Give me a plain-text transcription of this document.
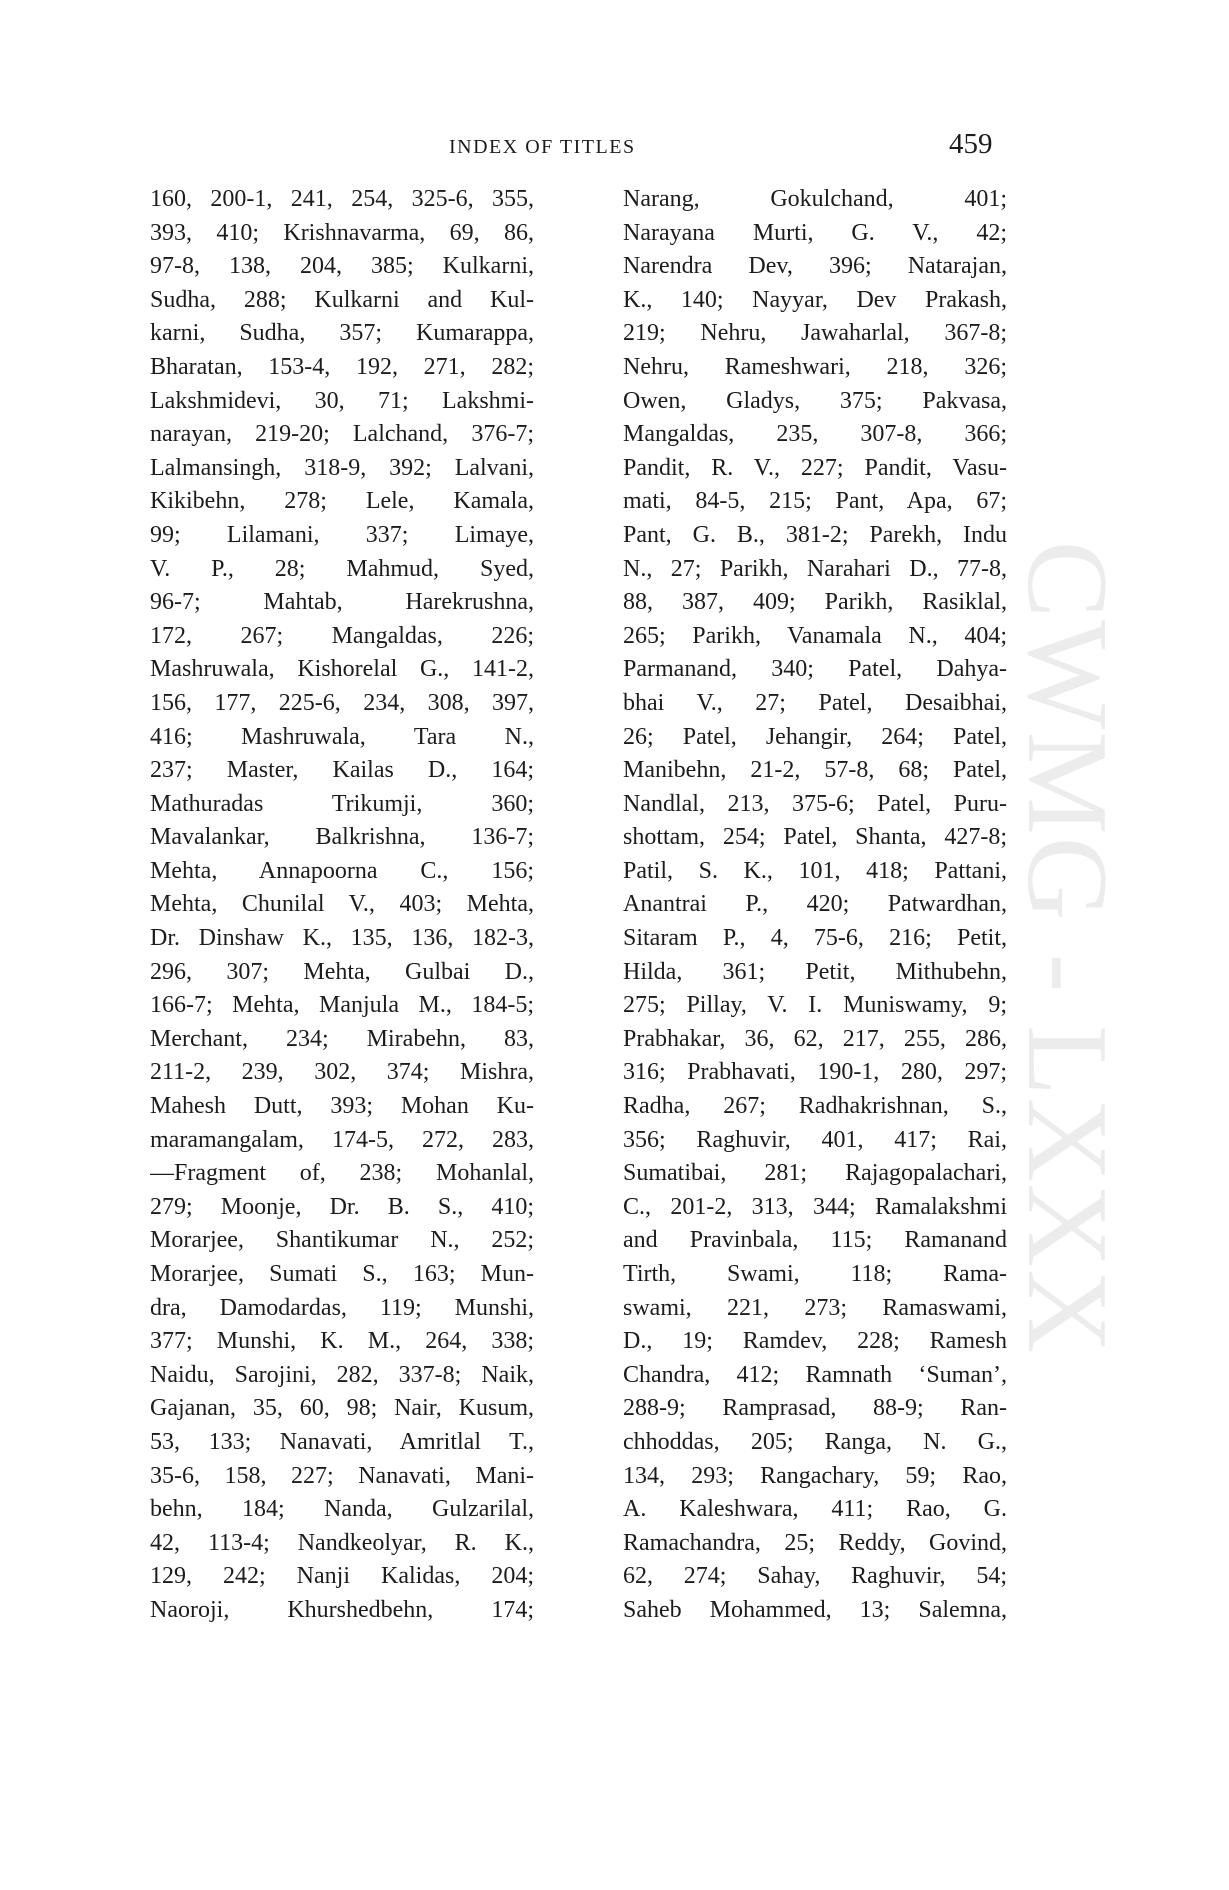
INDEX OF TITLES	459
CWMG - LXXX
160, 200-1, 241, 254, 325-6, 355,
393, 410; Krishnavarma, 69, 86,
97-8, 138, 204, 385; Kulkarni,
Sudha, 288; Kulkarni and Kul-
karni, Sudha, 357; Kumarappa,
Bharatan, 153-4, 192, 271, 282;
Lakshmidevi, 30, 71; Lakshmi-
narayan, 219-20; Lalchand, 376-7;
Lalmansingh, 318-9, 392; Lalvani,
Kikibehn, 278; Lele, Kamala,
99; Lilamani, 337; Limaye,
V. P., 28; Mahmud, Syed,
96-7; Mahtab, Harekrushna,
172, 267; Mangaldas, 226;
Mashruwala, Kishorelal G., 141-2,
156, 177, 225-6, 234, 308, 397,
416; Mashruwala, Tara N.,
237; Master, Kailas D., 164;
Mathuradas Trikumji, 360;
Mavalankar, Balkrishna, 136-7;
Mehta, Annapoorna C., 156;
Mehta, Chunilal V., 403; Mehta,
Dr. Dinshaw K., 135, 136, 182-3,
296, 307; Mehta, Gulbai D.,
166-7; Mehta, Manjula M., 184-5;
Merchant, 234; Mirabehn, 83,
211-2, 239, 302, 374; Mishra,
Mahesh Dutt, 393; Mohan Ku-
maramangalam, 174-5, 272, 283,
—Fragment of, 238; Mohanlal,
279; Moonje, Dr. B. S., 410;
Morarjee, Shantikumar N., 252;
Morarjee, Sumati S., 163; Mun-
dra, Damodardas, 119; Munshi,
377; Munshi, K. M., 264, 338;
Naidu, Sarojini, 282, 337-8; Naik,
Gajanan, 35, 60, 98; Nair, Kusum,
53, 133; Nanavati, Amritlal T.,
35-6, 158, 227; Nanavati, Mani-
behn, 184; Nanda, Gulzarilal,
42, 113-4; Nandkeolyar, R. K.,
129, 242; Nanji Kalidas, 204;
Naoroji, Khurshedbehn, 174;
Narang, Gokulchand, 401;
Narayana Murti, G. V., 42;
Narendra Dev, 396; Natarajan,
K., 140; Nayyar, Dev Prakash,
219; Nehru, Jawaharlal, 367-8;
Nehru, Rameshwari, 218, 326;
Owen, Gladys, 375; Pakvasa,
Mangaldas, 235, 307-8, 366;
Pandit, R. V., 227; Pandit, Vasu-
mati, 84-5, 215; Pant, Apa, 67;
Pant, G. B., 381-2; Parekh, Indu
N., 27; Parikh, Narahari D., 77-8,
88, 387, 409; Parikh, Rasiklal,
265; Parikh, Vanamala N., 404;
Parmanand, 340; Patel, Dahya-
bhai V., 27; Patel, Desaibhai,
26; Patel, Jehangir, 264; Patel,
Manibehn, 21-2, 57-8, 68; Patel,
Nandlal, 213, 375-6; Patel, Puru-
shottam, 254; Patel, Shanta, 427-8;
Patil, S. K., 101, 418; Pattani,
Anantrai P., 420; Patwardhan,
Sitaram P., 4, 75-6, 216; Petit,
Hilda, 361; Petit, Mithubehn,
275; Pillay, V. I. Muniswamy, 9;
Prabhakar, 36, 62, 217, 255, 286,
316; Prabhavati, 190-1, 280, 297;
Radha, 267; Radhakrishnan, S.,
356; Raghuvir, 401, 417; Rai,
Sumatibai, 281; Rajagopalachari,
C., 201-2, 313, 344; Ramalakshmi
and Pravinbala, 115; Ramanand
Tirth, Swami, 118; Rama-
swami, 221, 273; Ramaswami,
D., 19; Ramdev, 228; Ramesh
Chandra, 412; Ramnath ‘Suman’,
288-9; Ramprasad, 88-9; Ran-
chhoddas, 205; Ranga, N. G.,
134, 293; Rangachary, 59; Rao,
A. Kaleshwara, 411; Rao, G.
Ramachandra, 25; Reddy, Govind,
62, 274; Sahay, Raghuvir, 54;
Saheb Mohammed, 13; Salemna,
